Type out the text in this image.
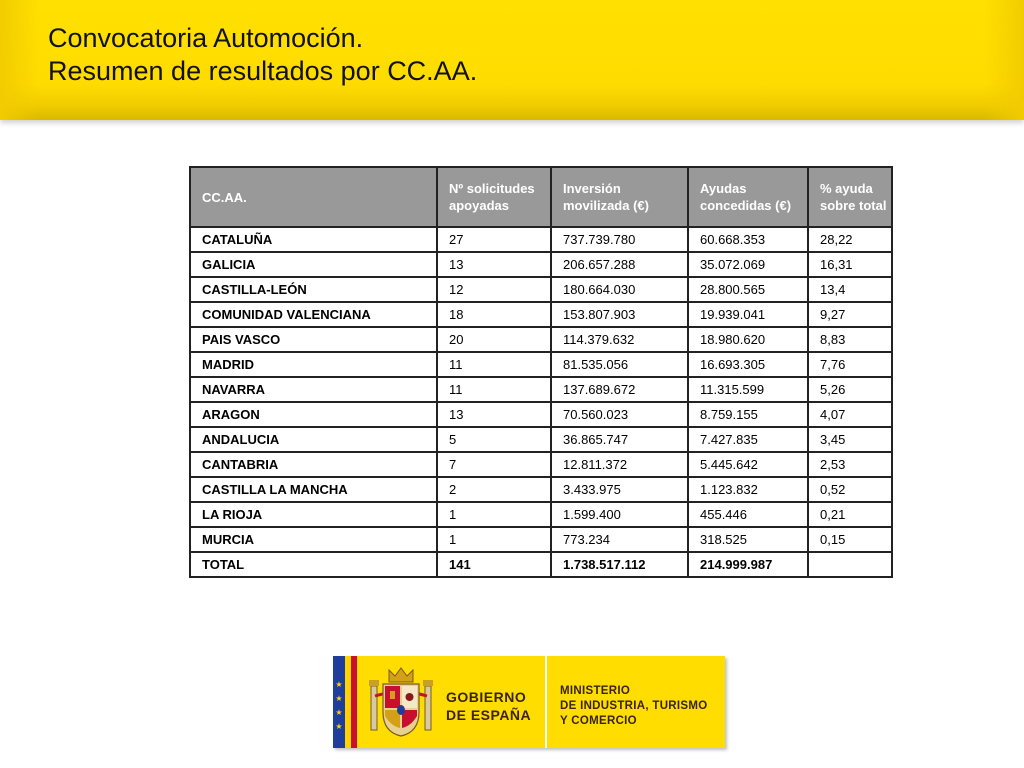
Convocatoria Automoción.
Resumen de resultados por CC.AA.
CC.AA.	Nº solicitudes apoyadas	Inversión movilizada (€)	Ayudas concedidas (€)	% ayuda sobre total
CATALUÑA	27	737.739.780	60.668.353	28,22
GALICIA	13	206.657.288	35.072.069	16,31
CASTILLA-LEÓN	12	180.664.030	28.800.565	13,4
COMUNIDAD VALENCIANA	18	153.807.903	19.939.041	9,27
PAIS VASCO	20	114.379.632	18.980.620	8,83
MADRID	11	81.535.056	16.693.305	7,76
NAVARRA	11	137.689.672	11.315.599	5,26
ARAGON	13	70.560.023	8.759.155	4,07
ANDALUCIA	5	36.865.747	7.427.835	3,45
CANTABRIA	7	12.811.372	5.445.642	2,53
CASTILLA LA MANCHA	2	3.433.975	1.123.832	0,52
LA RIOJA	1	1.599.400	455.446	0,21
MURCIA	1	773.234	318.525	0,15
TOTAL	141	1.738.517.112	214.999.987	
★
★
★
★

GOBIERNO
DE ESPAÑA

MINISTERIO
DE INDUSTRIA, TURISMO
Y COMERCIO
